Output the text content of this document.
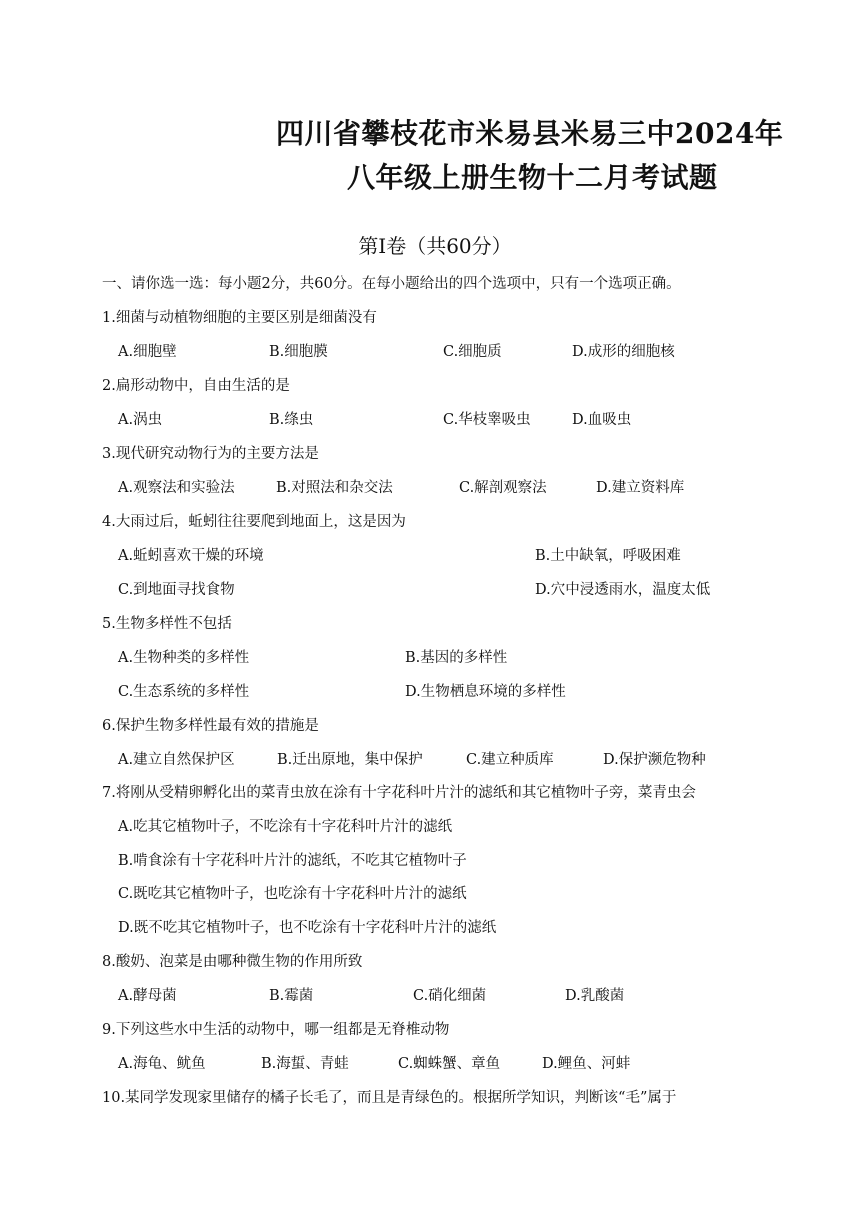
四川省攀枝花市米易县米易三中2024年
八年级上册生物十二月考试题
第Ⅰ卷（共60分）
一、请你选一选：每小题2分，共60分。在每小题给出的四个选项中，只有一个选项正确。
1.细菌与动植物细胞的主要区别是细菌没有
A.细胞壁	B.细胞膜	C.细胞质	D.成形的细胞核
2.扁形动物中，自由生活的是
A.涡虫	B.绦虫	C.华枝睾吸虫	D.血吸虫
3.现代研究动物行为的主要方法是
A.观察法和实验法	B.对照法和杂交法	C.解剖观察法	D.建立资料库
4.大雨过后，蚯蚓往往要爬到地面上，这是因为
A.蚯蚓喜欢干燥的环境	B.土中缺氧，呼吸困难
C.到地面寻找食物	D.穴中浸透雨水，温度太低
5.生物多样性不包括
A.生物种类的多样性	B.基因的多样性
C.生态系统的多样性	D.生物栖息环境的多样性
6.保护生物多样性最有效的措施是
A.建立自然保护区	B.迁出原地，集中保护	C.建立种质库	D.保护濒危物种
7.将刚从受精卵孵化出的菜青虫放在涂有十字花科叶片汁的滤纸和其它植物叶子旁，菜青虫会
A.吃其它植物叶子，不吃涂有十字花科叶片汁的滤纸
B.啃食涂有十字花科叶片汁的滤纸，不吃其它植物叶子
C.既吃其它植物叶子，也吃涂有十字花科叶片汁的滤纸
D.既不吃其它植物叶子，也不吃涂有十字花科叶片汁的滤纸
8.酸奶、泡菜是由哪种微生物的作用所致
A.酵母菌	B.霉菌	C.硝化细菌	D.乳酸菌
9.下列这些水中生活的动物中，哪一组都是无脊椎动物
A.海龟、鱿鱼	B.海蜇、青蛙	C.蜘蛛蟹、章鱼	D.鲤鱼、河蚌
10.某同学发现家里储存的橘子长毛了，而且是青绿色的。根据所学知识，判断该“毛”属于
